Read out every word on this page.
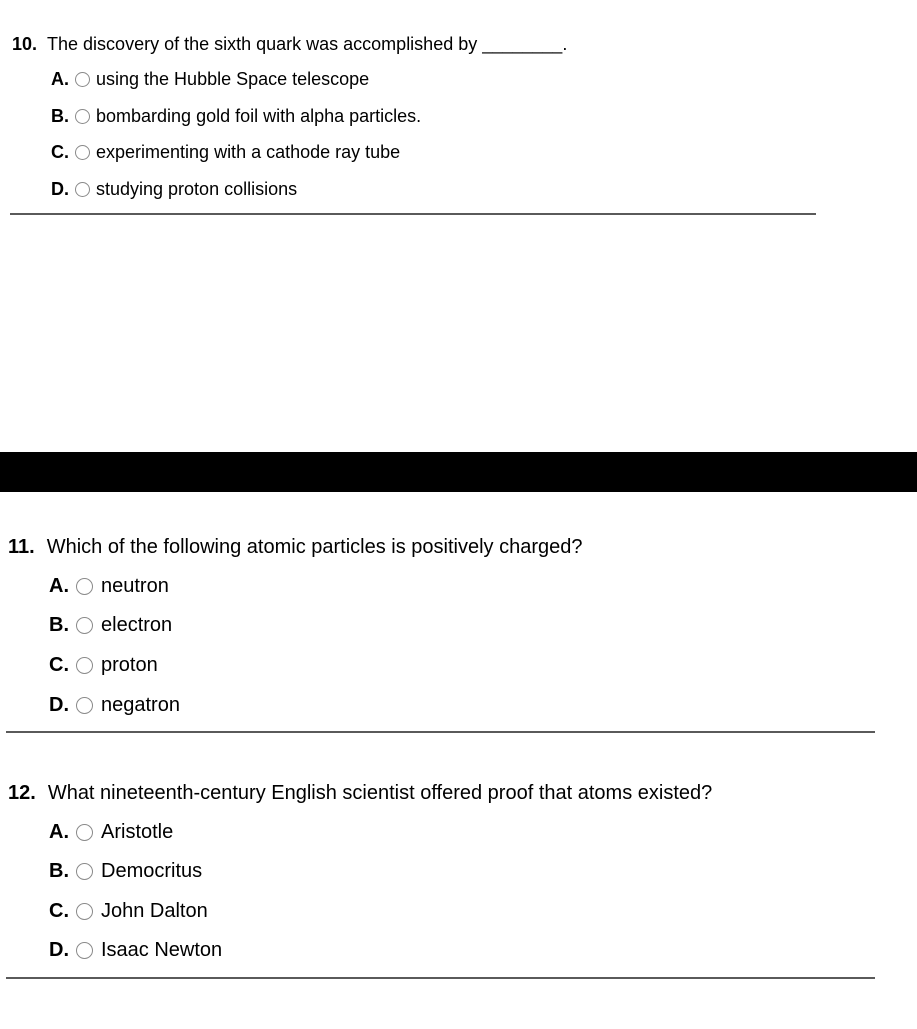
10. The discovery of the sixth quark was accomplished by ________.
A.	using the Hubble Space telescope
B.	bombarding gold foil with alpha particles.
C.	experimenting with a cathode ray tube
D.	studying proton collisions
11. Which of the following atomic particles is positively charged?
A.	neutron
B.	electron
C.	proton
D.	negatron
12. What nineteenth-century English scientist offered proof that atoms existed?
A.	Aristotle
B.	Democritus
C.	John Dalton
D.	Isaac Newton
